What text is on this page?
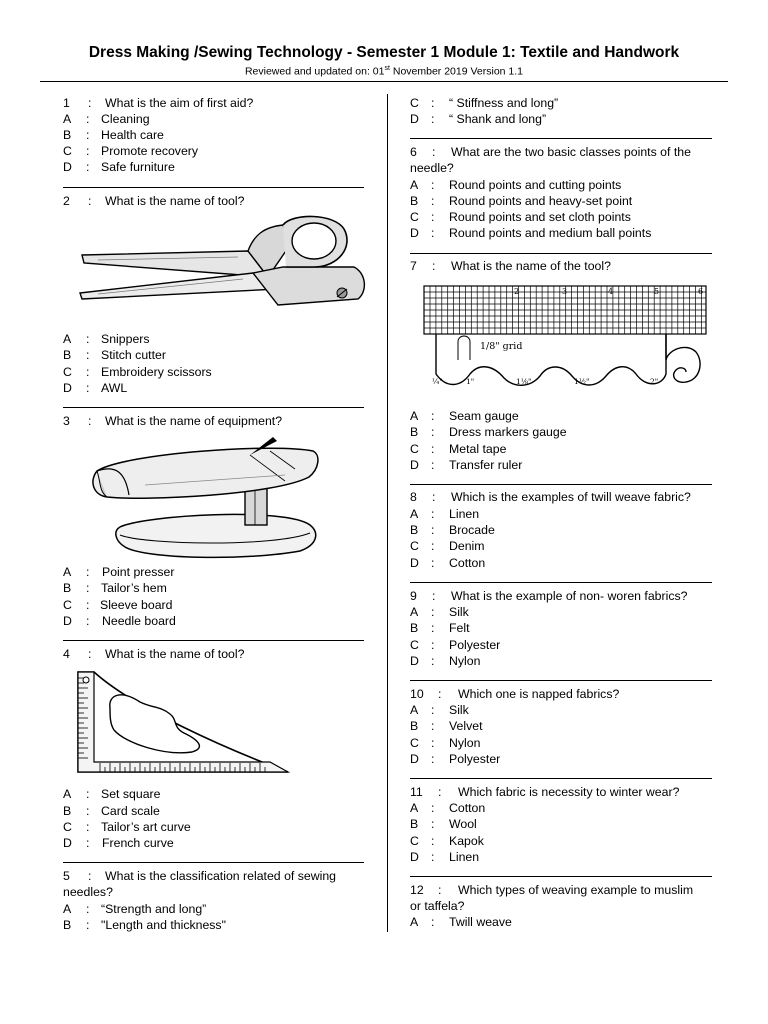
Dress Making /Sewing Technology - Semester 1 Module 1: Textile and Handwork
Reviewed and updated on: 01st November 2019 Version 1.1
1 : What is the aim of first aid?
A : Cleaning
B : Health care
C : Promote recovery
D : Safe furniture
2 : What is the name of tool?
A : Snippers
B : Stitch cutter
C : Embroidery scissors
D : AWL
3 : What is the name of equipment?
A : Point presser
B : Tailor’s hem
C : Sleeve board
D : Needle board
4 : What is the name of tool?
A : Set square
B : Card scale
C : Tailor’s art curve
D : French curve
5 : What is the classification related of sewing
needles?
A : “Strength and long”
B : "Length and thickness"
C : “ Stiffness and long”
D : “ Shank and long”
6 : What are the two basic classes points of the
needle?
A : Round points and cutting points
B : Round points and heavy-set point
C : Round points and set cloth points
D : Round points and medium ball points
7 : What is the name of the tool?
2	3	4	5	6
1/8" grid
¼"	1"	1⅛"	1½"	2"
A : Seam gauge
B : Dress markers gauge
C : Metal tape
D : Transfer ruler
8 : Which is the examples of twill weave fabric?
A : Linen
B : Brocade
C : Denim
D : Cotton
9 : What is the example of non- woren fabrics?
A : Silk
B : Felt
C : Polyester
D : Nylon
10 : Which one is napped fabrics?
A : Silk
B : Velvet
C : Nylon
D : Polyester
11 : Which fabric is necessity to winter wear?
A : Cotton
B : Wool
C : Kapok
D : Linen
12 : Which types of weaving example to muslim
or taffela?
A : Twill weave
